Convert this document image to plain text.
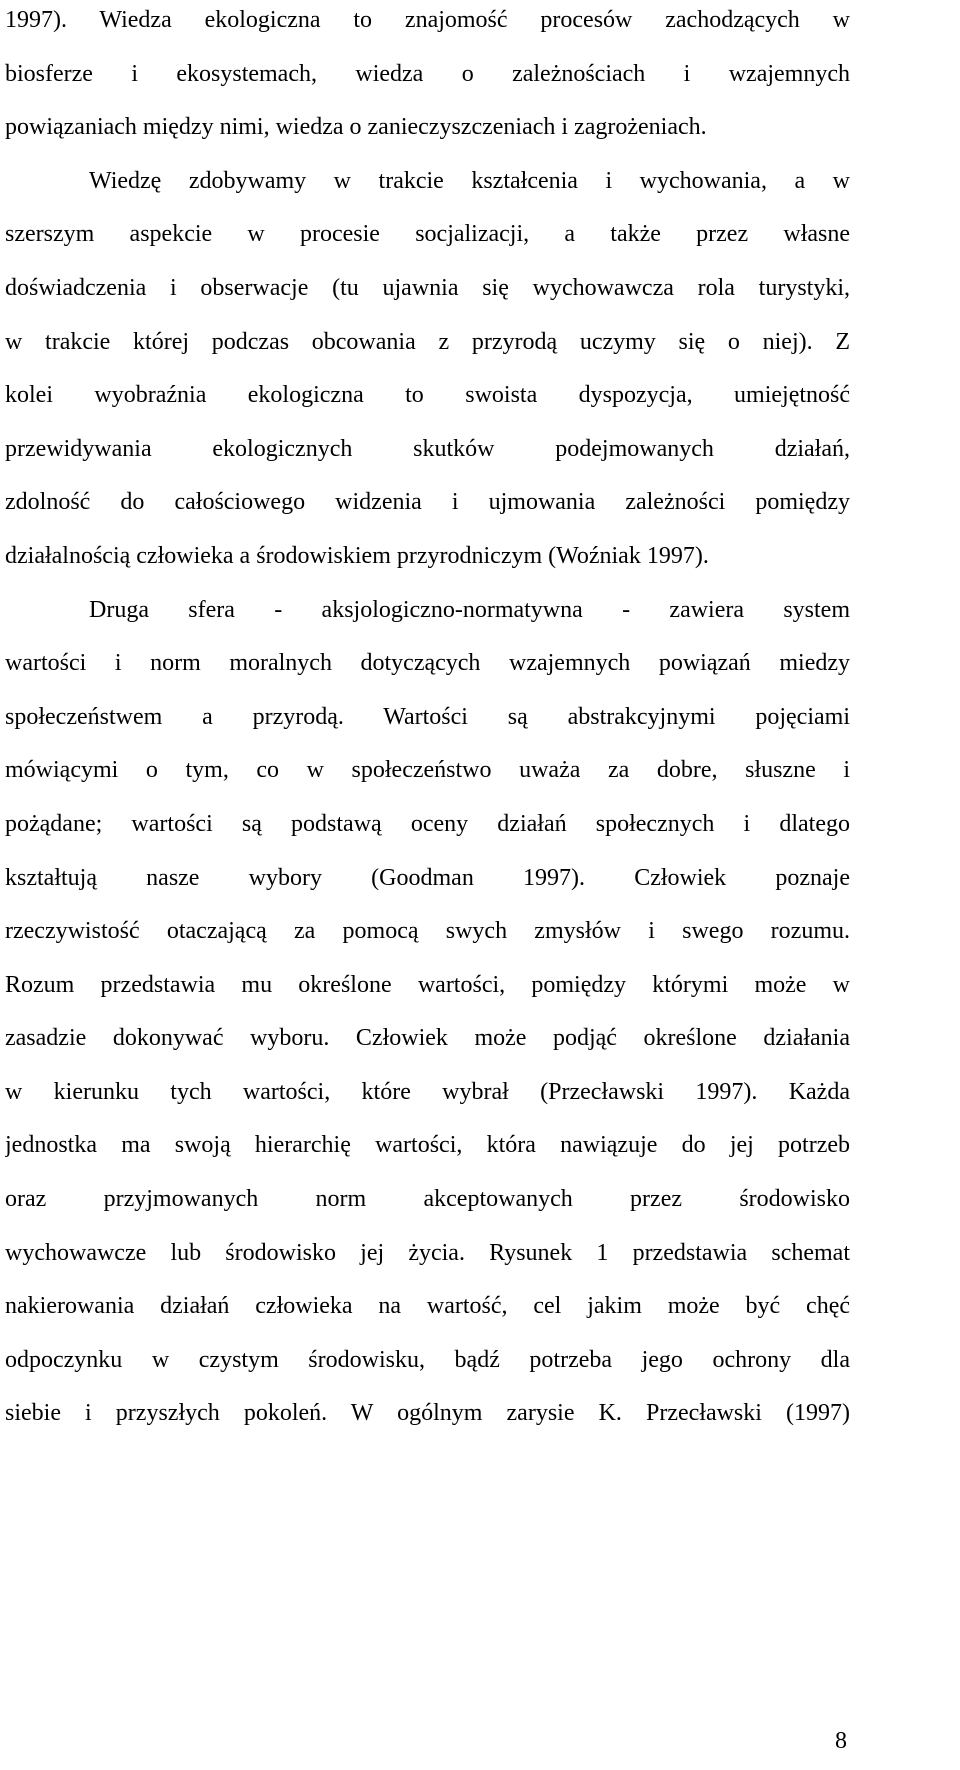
1997). Wiedza ekologiczna to znajomość procesów zachodzących w
biosferze i ekosystemach, wiedza o zależnościach i wzajemnych
powiązaniach między nimi, wiedza o zanieczyszczeniach i zagrożeniach.

Wiedzę zdobywamy w trakcie kształcenia i wychowania, a w
szerszym aspekcie w procesie socjalizacji, a także przez własne
doświadczenia i obserwacje (tu ujawnia się wychowawcza rola turystyki,
w trakcie której podczas obcowania z przyrodą uczymy się o niej). Z
kolei wyobraźnia ekologiczna to swoista dyspozycja, umiejętność
przewidywania ekologicznych skutków podejmowanych działań,
zdolność do całościowego widzenia i ujmowania zależności pomiędzy
działalnością człowieka a środowiskiem przyrodniczym (Woźniak 1997).

Druga sfera - aksjologiczno-normatywna - zawiera system
wartości i norm moralnych dotyczących wzajemnych powiązań miedzy
społeczeństwem a przyrodą. Wartości są abstrakcyjnymi pojęciami
mówiącymi o tym, co w społeczeństwo uważa za dobre, słuszne i
pożądane; wartości są podstawą oceny działań społecznych i dlatego
kształtują nasze wybory (Goodman 1997). Człowiek poznaje
rzeczywistość otaczającą za pomocą swych zmysłów i swego rozumu.
Rozum przedstawia mu określone wartości, pomiędzy którymi może w
zasadzie dokonywać wyboru. Człowiek może podjąć określone działania
w kierunku tych wartości, które wybrał (Przecławski 1997). Każda
jednostka ma swoją hierarchię wartości, która nawiązuje do jej potrzeb
oraz przyjmowanych norm akceptowanych przez środowisko
wychowawcze lub środowisko jej życia. Rysunek 1 przedstawia schemat
nakierowania działań człowieka na wartość, cel jakim może być chęć
odpoczynku w czystym środowisku, bądź potrzeba jego ochrony dla
siebie i przyszłych pokoleń. W ogólnym zarysie K. Przecławski (1997)

8
